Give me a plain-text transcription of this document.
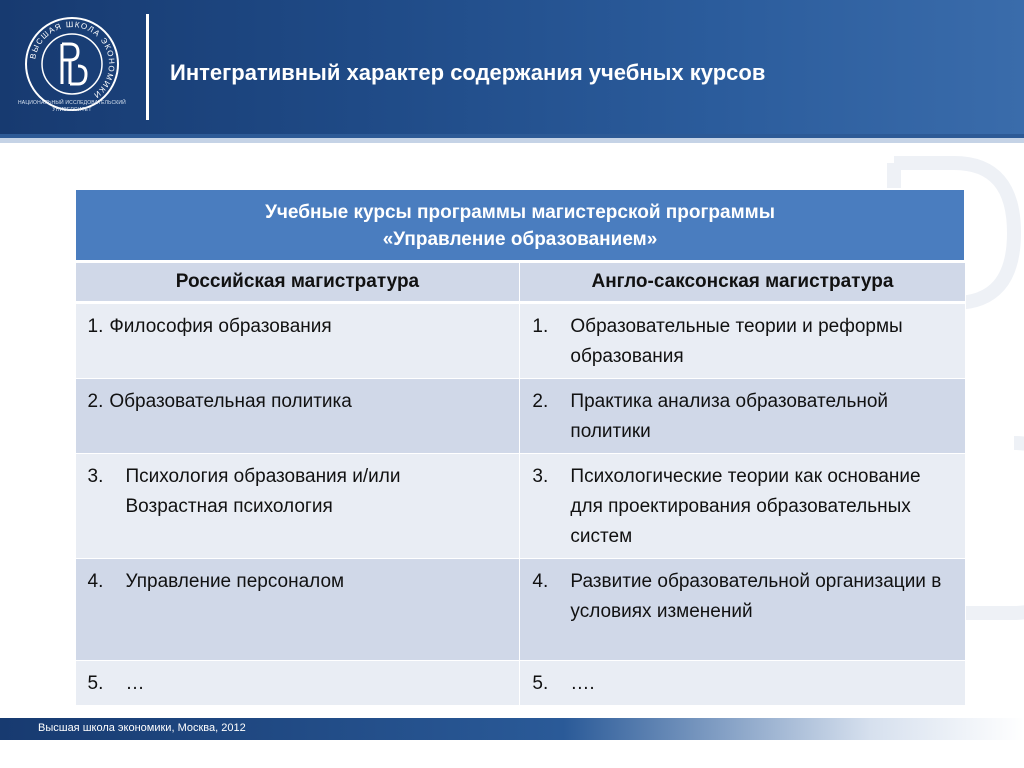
ВЫСШАЯ ШКОЛА ЭКОНОМИКИ
НАЦИОНАЛЬНЫЙ ИССЛЕДОВАТЕЛЬСКИЙ УНИВЕРСИТЕТ
Интегративный характер содержания учебных курсов
Учебные курсы программы магистерской программы
«Управление образованием»	

Российская магистратура	Англо-саксонская магистратура
1. Философия образования	1. Образовательные теории и реформы образования

2. Образовательная политика	2. Практика анализа образовательной политики

3. Психология образования и/или Возрастная психология	3. Психологические теории как основание для проектирования образовательных систем

4. Управление персоналом	4. Развитие образовательной организации в условиях изменений

5. …	5. ….
Высшая школа экономики, Москва, 2012
